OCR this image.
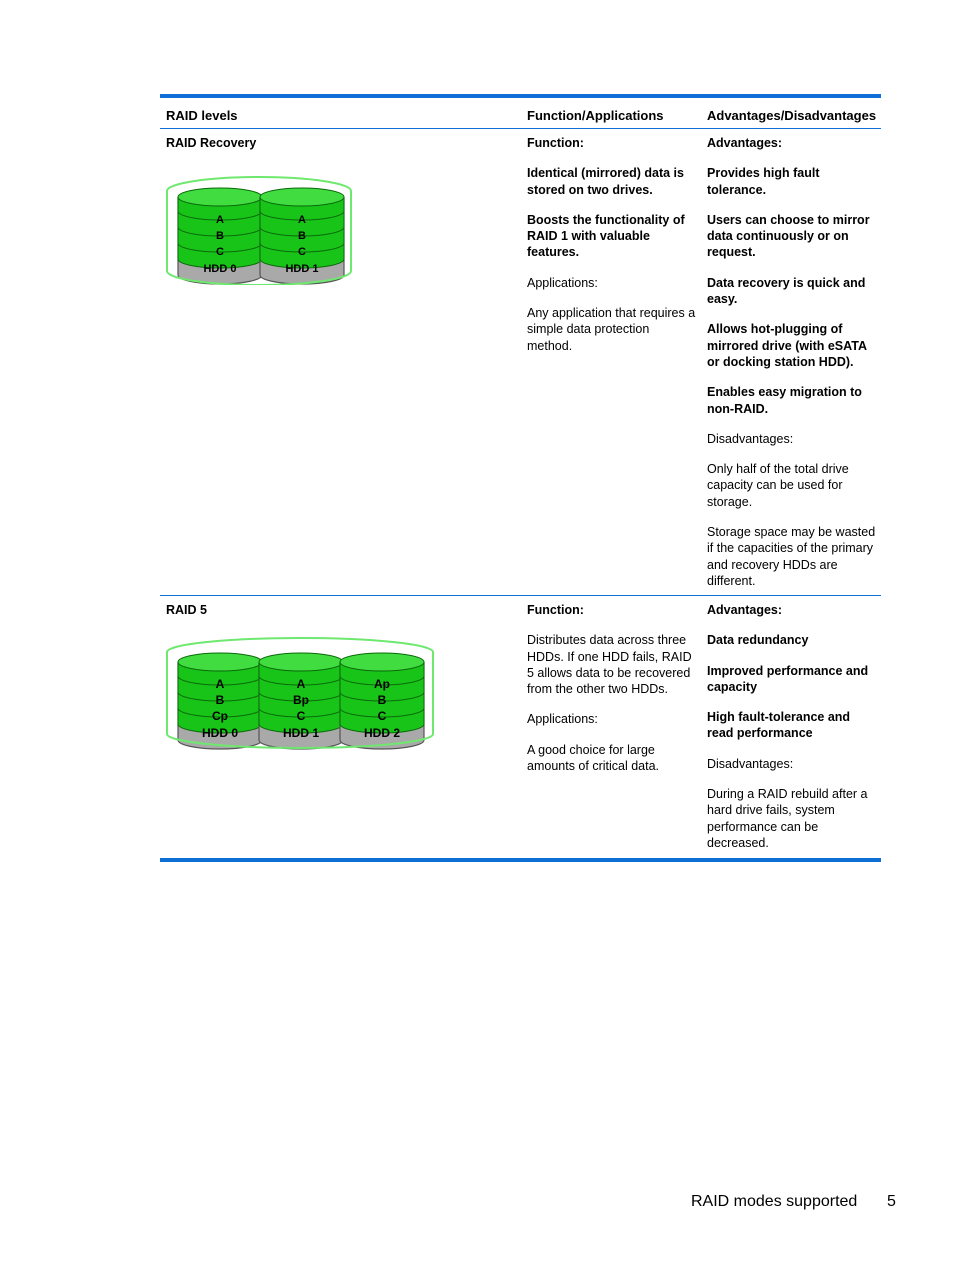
RAID levels	Function/Applications	Advantages/Disadvantages

RAID Recovery

A
B
C
HDD 0
A
B
C
HDD 1

Function:

Identical (mirrored) data is stored on two drives.

Boosts the functionality of RAID 1 with valuable features.

Applications:

Any application that requires a simple data protection method.

Advantages:

Provides high fault tolerance.

Users can choose to mirror data continuously or on request.

Data recovery is quick and easy.

Allows hot-plugging of mirrored drive (with eSATA or docking station HDD).

Enables easy migration to non-RAID.

Disadvantages:

Only half of the total drive capacity can be used for storage.

Storage space may be wasted if the capacities of the primary and recovery HDDs are different.

RAID 5

A
B
Cp
HDD 0
A
Bp
C
HDD 1
Ap
B
C
HDD 2

Function:

Distributes data across three HDDs. If one HDD fails, RAID 5 allows data to be recovered from the other two HDDs.

Applications:

A good choice for large amounts of critical data.

Advantages:

Data redundancy

Improved performance and capacity

High fault-tolerance and read performance

Disadvantages:

During a RAID rebuild after a hard drive fails, system performance can be decreased.

RAID modes supported 5
